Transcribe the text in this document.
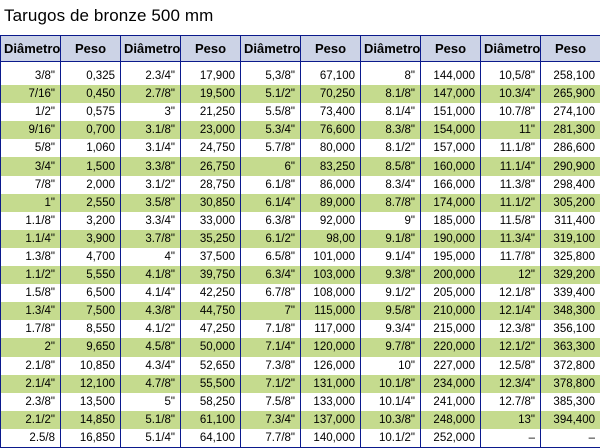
Tarugos de bronze 500 mm
Diâmetro	Peso	Diâmetro	Peso	Diâmetro	Peso	Diâmetro	Peso	Diâmetro	Peso

3/8"	0,325	2.3/4"	17,900	5,3/8"	67,100	8"	144,000	10,5/8"	258,100
7/16"	0,450	2.7/8"	19,500	5.1/2"	70,250	8.1/8"	147,000	10.3/4"	265,900
1/2"	0,575	3"	21,250	5.5/8"	73,400	8.1/4"	151,000	10.7/8"	274,100
9/16"	0,700	3.1/8"	23,000	5.3/4"	76,600	8.3/8"	154,000	11"	281,300
5/8"	1,060	3.1/4"	24,750	5.7/8"	80,000	8.1/2"	157,000	11.1/8"	286,600
3/4"	1,500	3.3/8"	26,750	6"	83,250	8.5/8"	160,000	11.1/4"	290,900
7/8"	2,000	3.1/2"	28,750	6.1/8"	86,000	8.3/4"	166,000	11.3/8"	298,400
1"	2,550	3.5/8"	30,850	6.1/4"	89,000	8.7/8"	174,000	11.1/2"	305,200
1.1/8"	3,200	3.3/4"	33,000	6.3/8"	92,000	9"	185,000	11.5/8"	311,400
1.1/4"	3,900	3.7/8"	35,250	6.1/2"	98,00	9.1/8"	190,000	11.3/4"	319,100
1.3/8"	4,700	4"	37,500	6.5/8"	101,000	9.1/4"	195,000	11.7/8"	325,800
1.1/2"	5,550	4.1/8"	39,750	6.3/4"	103,000	9.3/8"	200,000	12"	329,200
1.5/8"	6,500	4.1/4"	42,250	6.7/8"	108,000	9.1/2"	205,000	12.1/8"	339,400
1.3/4"	7,500	4.3/8"	44,750	7"	115,000	9.5/8"	210,000	12.1/4"	348,300
1.7/8"	8,550	4.1/2"	47,250	7.1/8"	117,000	9.3/4"	215,000	12.3/8"	356,100
2"	9,650	4.5/8"	50,000	7.1/4"	120,000	9.7/8"	220,000	12.1/2"	363,300
2.1/8"	10,850	4.3/4"	52,650	7.3/8"	126,000	10"	227,000	12.5/8"	372,800
2.1/4"	12,100	4.7/8"	55,500	7.1/2"	131,000	10.1/8"	234,000	12.3/4"	378,800
2.3/8"	13,500	5"	58,250	7.5/8"	133,000	10.1/4"	241,000	12.7/8"	385,300
2.1/2"	14,850	5.1/8"	61,100	7.3/4"	137,000	10.3/8"	248,000	13"	394,400
2.5/8	16,850	5.1/4"	64,100	7.7/8"	140,000	10.1/2"	252,000	–	–
